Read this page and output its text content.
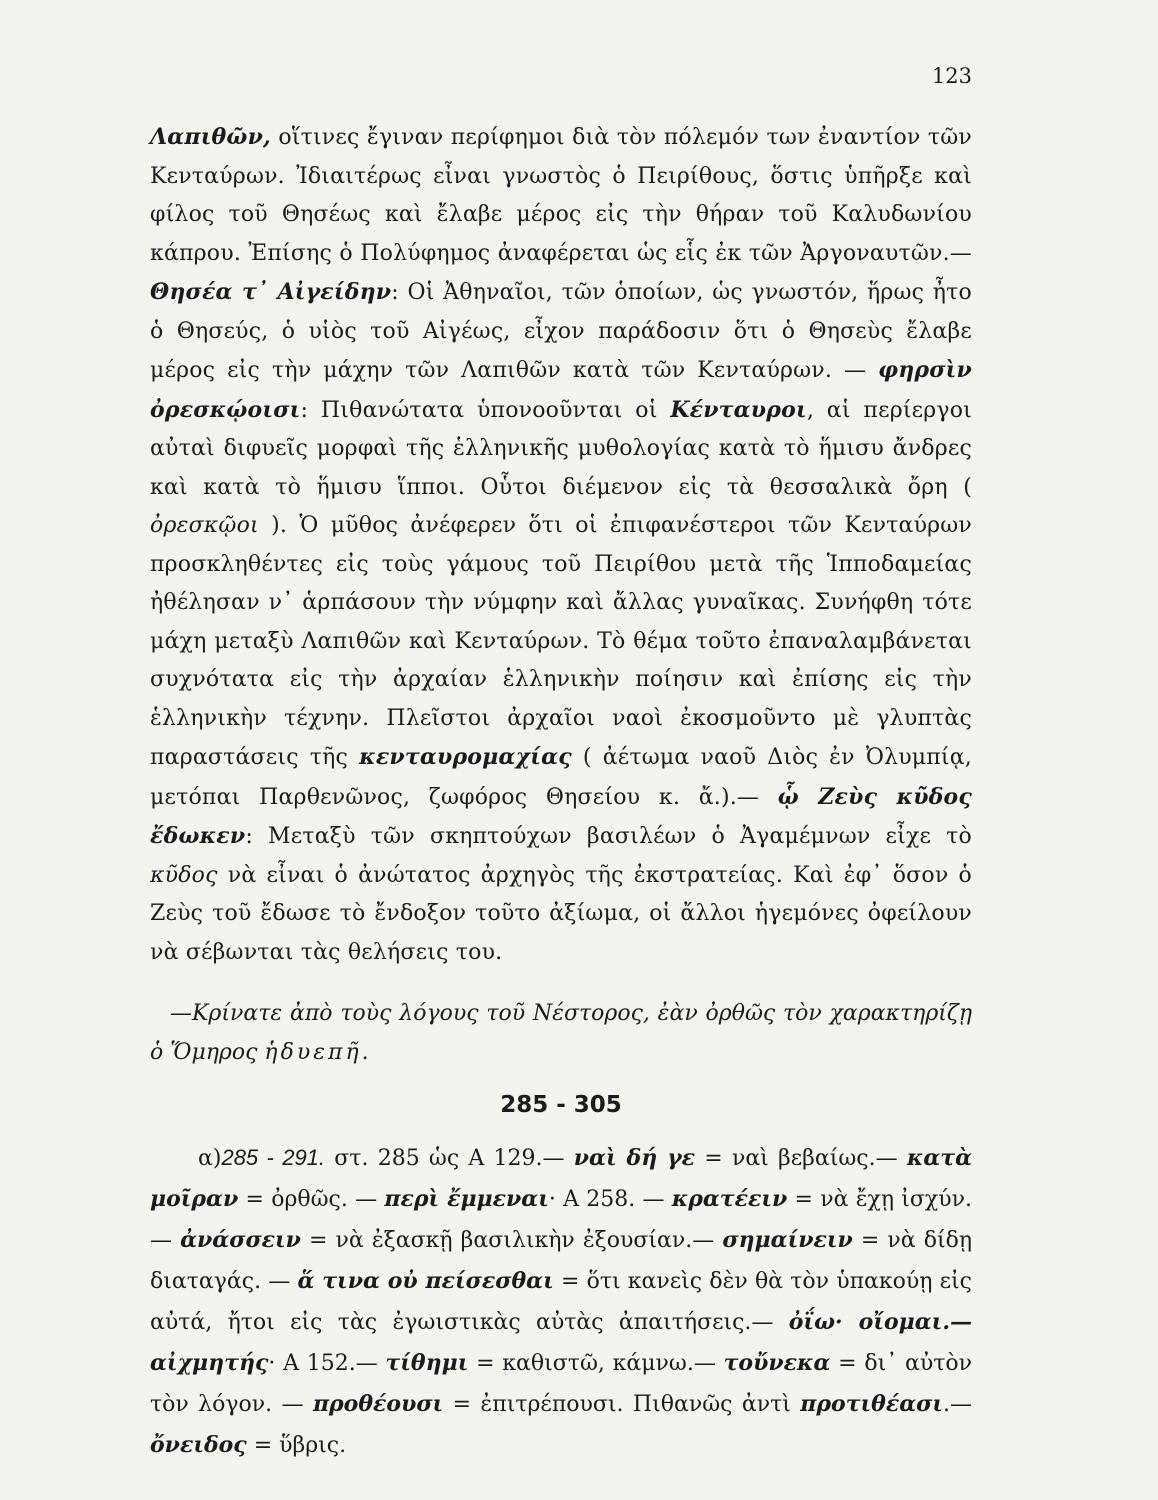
123

Λαπιθῶν, οἵτινες ἔγιναν περίφημοι διὰ τὸν πόλεμόν των ἐναντίον τῶν Κενταύρων. Ἰδιαιτέρως εἶναι γνωστὸς ὁ Πειρίθους, ὅστις ὑπῆρξε καὶ φίλος τοῦ Θησέως καὶ ἔλαβε μέρος εἰς τὴν θήραν τοῦ Καλυδωνίου κάπρου. Ἐπίσης ὁ Πολύφημος ἀναφέρεται ὡς εἷς ἐκ τῶν Ἀργοναυτῶν.— Θησέα τ᾽ Αἰγείδην: Οἱ Ἀθηναῖοι, τῶν ὁποίων, ὡς γνωστόν, ἥρως ἦτο ὁ Θησεύς, ὁ υἱὸς τοῦ Αἰγέως, εἶχον παράδοσιν ὅτι ὁ Θησεὺς ἔλαβε μέρος εἰς τὴν μάχην τῶν Λαπιθῶν κατὰ τῶν Κενταύρων. — φηρσὶν ὀρεσκῴοισι: Πιθανώτατα ὑπονοοῦνται οἱ Κένταυροι, αἱ περίεργοι αὐταὶ διφυεῖς μορφαὶ τῆς ἑλληνικῆς μυθολογίας κατὰ τὸ ἥμισυ ἄνδρες καὶ κατὰ τὸ ἥμισυ ἵπποι. Οὗτοι διέμενον εἰς τὰ θεσσαλικὰ ὄρη ( ὀρεσκῷοι ). Ὁ μῦθος ἀνέφερεν ὅτι οἱ ἐπιφανέστεροι τῶν Κενταύρων προσκληθέντες εἰς τοὺς γάμους τοῦ Πειρίθου μετὰ τῆς Ἱπποδαμείας ἠθέλησαν ν᾽ ἁρπάσουν τὴν νύμφην καὶ ἄλλας γυναῖκας. Συνήφθη τότε μάχη μεταξὺ Λαπιθῶν καὶ Κενταύρων. Τὸ θέμα τοῦτο ἐπαναλαμβάνεται συχνότατα εἰς τὴν ἀρχαίαν ἑλληνικὴν ποίησιν καὶ ἐπίσης εἰς τὴν ἑλληνικὴν τέχνην. Πλεῖστοι ἀρχαῖοι ναοὶ ἐκοσμοῦντο μὲ γλυπτὰς παραστάσεις τῆς κενταυρομαχίας ( ἀέτωμα ναοῦ Διὸς ἐν Ὀλυμπίᾳ, μετόπαι Παρθενῶνος, ζωφόρος Θησείου κ. ἄ.).— ᾧ Ζεὺς κῦδος ἔδωκεν: Μεταξὺ τῶν σκηπτούχων βασιλέων ὁ Ἀγαμέμνων εἶχε τὸ κῦδος νὰ εἶναι ὁ ἀνώτατος ἀρχηγὸς τῆς ἐκστρατείας. Καὶ ἐφ᾽ ὅσον ὁ Ζεὺς τοῦ ἔδωσε τὸ ἔνδοξον τοῦτο ἀξίωμα, οἱ ἄλλοι ἡγεμόνες ὀφείλουν νὰ σέβωνται τὰς θελήσεις του.

—Κρίνατε ἀπὸ τοὺς λόγους τοῦ Νέστορος, ἐὰν ὀρθῶς τὸν χαρακτηρίζῃ ὁ Ὅμηρος ἡδυεπῆ.

285 - 305

α)285 - 291. στ. 285 ὡς Α 129.— ναὶ δή γε = ναὶ βεβαίως.— κατὰ μοῖραν = ὀρθῶς. — περὶ ἔμμεναι· Α 258. — κρατέειν = νὰ ἔχῃ ἰσχύν.— ἀνάσσειν = νὰ ἐξασκῇ βασιλικὴν ἐξουσίαν.— σημαίνειν = νὰ δίδῃ διαταγάς. — ἅ τινα οὐ πείσεσθαι = ὅτι κανεὶς δὲν θὰ τὸν ὑπακούῃ εἰς αὐτά, ἤτοι εἰς τὰς ἐγωιστικὰς αὐτὰς ἀπαιτήσεις.— ὀΐω· οἴομαι.— αἰχμητής· Α 152.— τίθημι = καθιστῶ, κάμνω.— τοὔνεκα = δι᾽ αὐτὸν τὸν λόγον. — προθέουσι = ἐπιτρέπουσι. Πιθανῶς ἀντὶ προτιθέασι.— ὄνειδος = ὕβρις.
